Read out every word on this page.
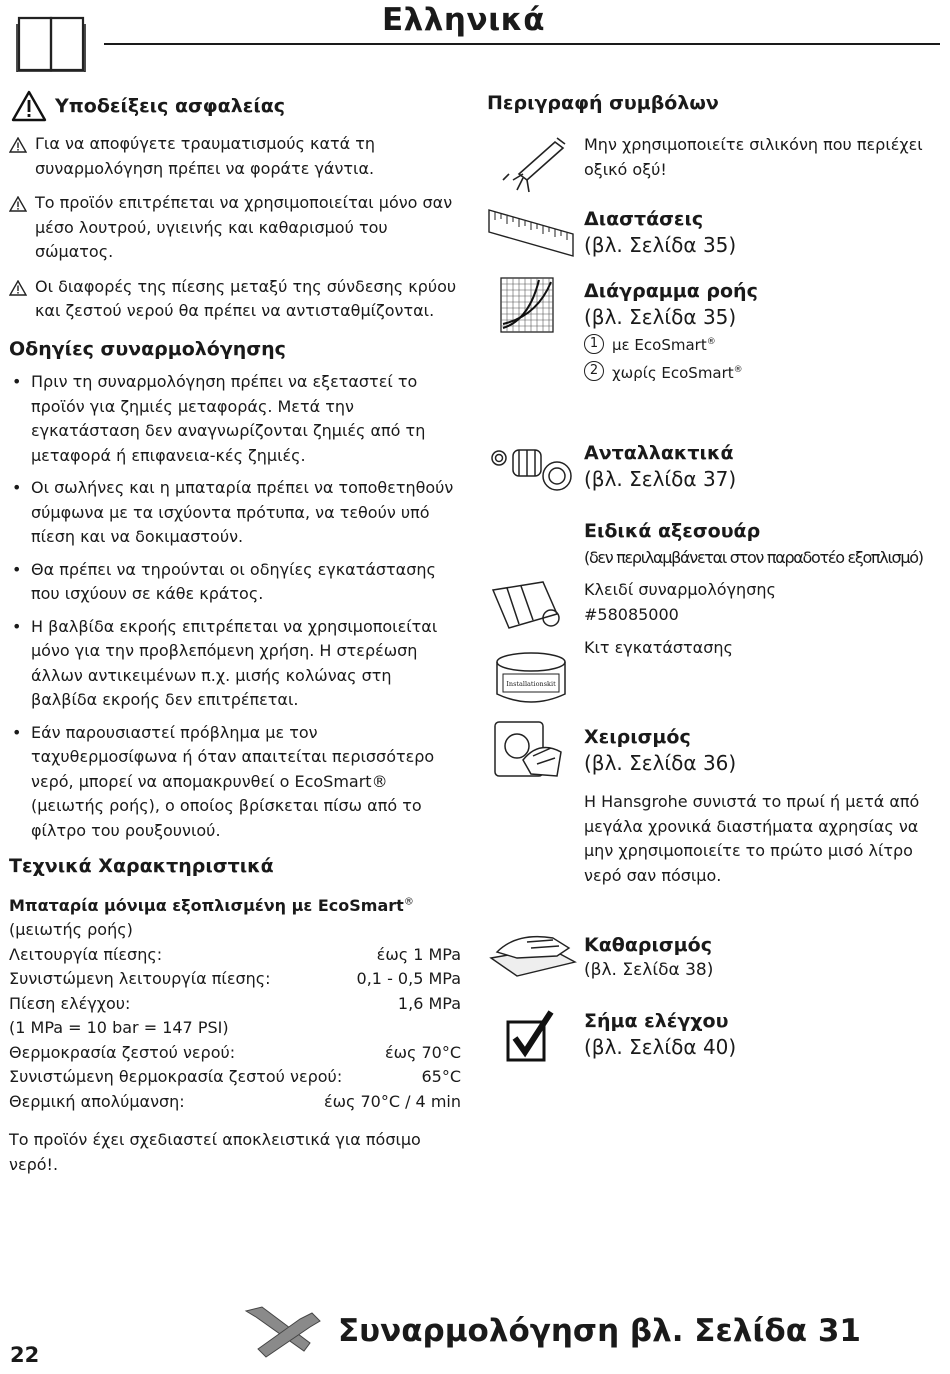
Ελληνικά
Υποδείξεις ασφαλείας

Για να αποφύγετε τραυματισμούς κατά τη συναρμολόγηση πρέπει να φοράτε γάντια.

Το προϊόν επιτρέπεται να χρησιμοποιείται μόνο σαν μέσο λουτρού, υγιεινής και καθαρισμού του σώματος.

Οι διαφορές της πίεσης μεταξύ της σύνδεσης κρύου και ζεστού νερού θα πρέπει να αντισταθμίζονται.

Οδηγίες συναρμολόγησης
• Πριν τη συναρμολόγηση πρέπει να εξεταστεί το προϊόν για ζημιές μεταφοράς. Μετά την εγκατάσταση δεν αναγνωρίζονται ζημιές από τη μεταφορά ή επιφανεια-κές ζημιές.

• Οι σωλήνες και η μπαταρία πρέπει να τοποθετηθούν σύμφωνα με τα ισχύοντα πρότυπα, να τεθούν υπό πίεση και να δοκιμαστούν.

• Θα πρέπει να τηρούνται οι οδηγίες εγκατάστασης που ισχύουν σε κάθε κράτος.

• Η βαλβίδα εκροής επιτρέπεται να χρησιμοποιείται μόνο για την προβλεπόμενη χρήση. Η στερέωση άλλων αντικειμένων π.χ. μισής κολώνας στη βαλβίδα εκροής δεν επιτρέπεται.

• Εάν παρουσιαστεί πρόβλημα με τον ταχυθερμοσίφωνα ή όταν απαιτείται περισσότερο νερό, μπορεί να απομακρυνθεί ο EcoSmart® (μειωτής ροής), ο οποίος βρίσκεται πίσω από το φίλτρο του ρουξουνιού.

Τεχνικά Χαρακτηριστικά
Μπαταρία μόνιμα εξοπλισμένη με EcoSmart®
(μειωτής ροής)
Λειτουργία πίεσης:	έως 1 MPa
Συνιστώμενη λειτουργία πίεσης:	0,1 - 0,5 MPa
Πίεση ελέγχου:	1,6 MPa
(1 MPa = 10 bar = 147 PSI)
Θερμοκρασία ζεστού νερού:	έως 70°C
Συνιστώμενη θερμοκρασία ζεστού νερού:	65°C
Θερμική απολύμανση:	έως 70°C / 4 min

Το προϊόν έχει σχεδιαστεί αποκλειστικά για πόσιμο νερό!.

Περιγραφή συμβόλων
Μην χρησιμοποιείτε σιλικόνη που περιέχει οξικό οξύ!
Διαστάσεις
(βλ. Σελίδα 35)
Διάγραμμα ροής
(βλ. Σελίδα 35)
1 με EcoSmart®
2 χωρίς EcoSmart®
Ανταλλακτικά
(βλ. Σελίδα 37)
Installationskit
Ειδικά αξεσουάρ
(δεν περιλαμβάνεται στον παραδοτέο εξοπλισμό)
Κλειδί συναρμολόγησης
#58085000
Κιτ εγκατάστασης
Χειρισμός
(βλ. Σελίδα 36)
Η Hansgrohe συνιστά το πρωί ή μετά από μεγάλα χρονικά διαστήματα αχρησίας να μην χρησιμοποιείτε το πρώτο μισό λίτρο νερό σαν πόσιμο.
Καθαρισμός
(βλ. Σελίδα 38)
Σήμα ελέγχου
(βλ. Σελίδα 40)
Συναρμολόγηση βλ. Σελίδα 31
22
